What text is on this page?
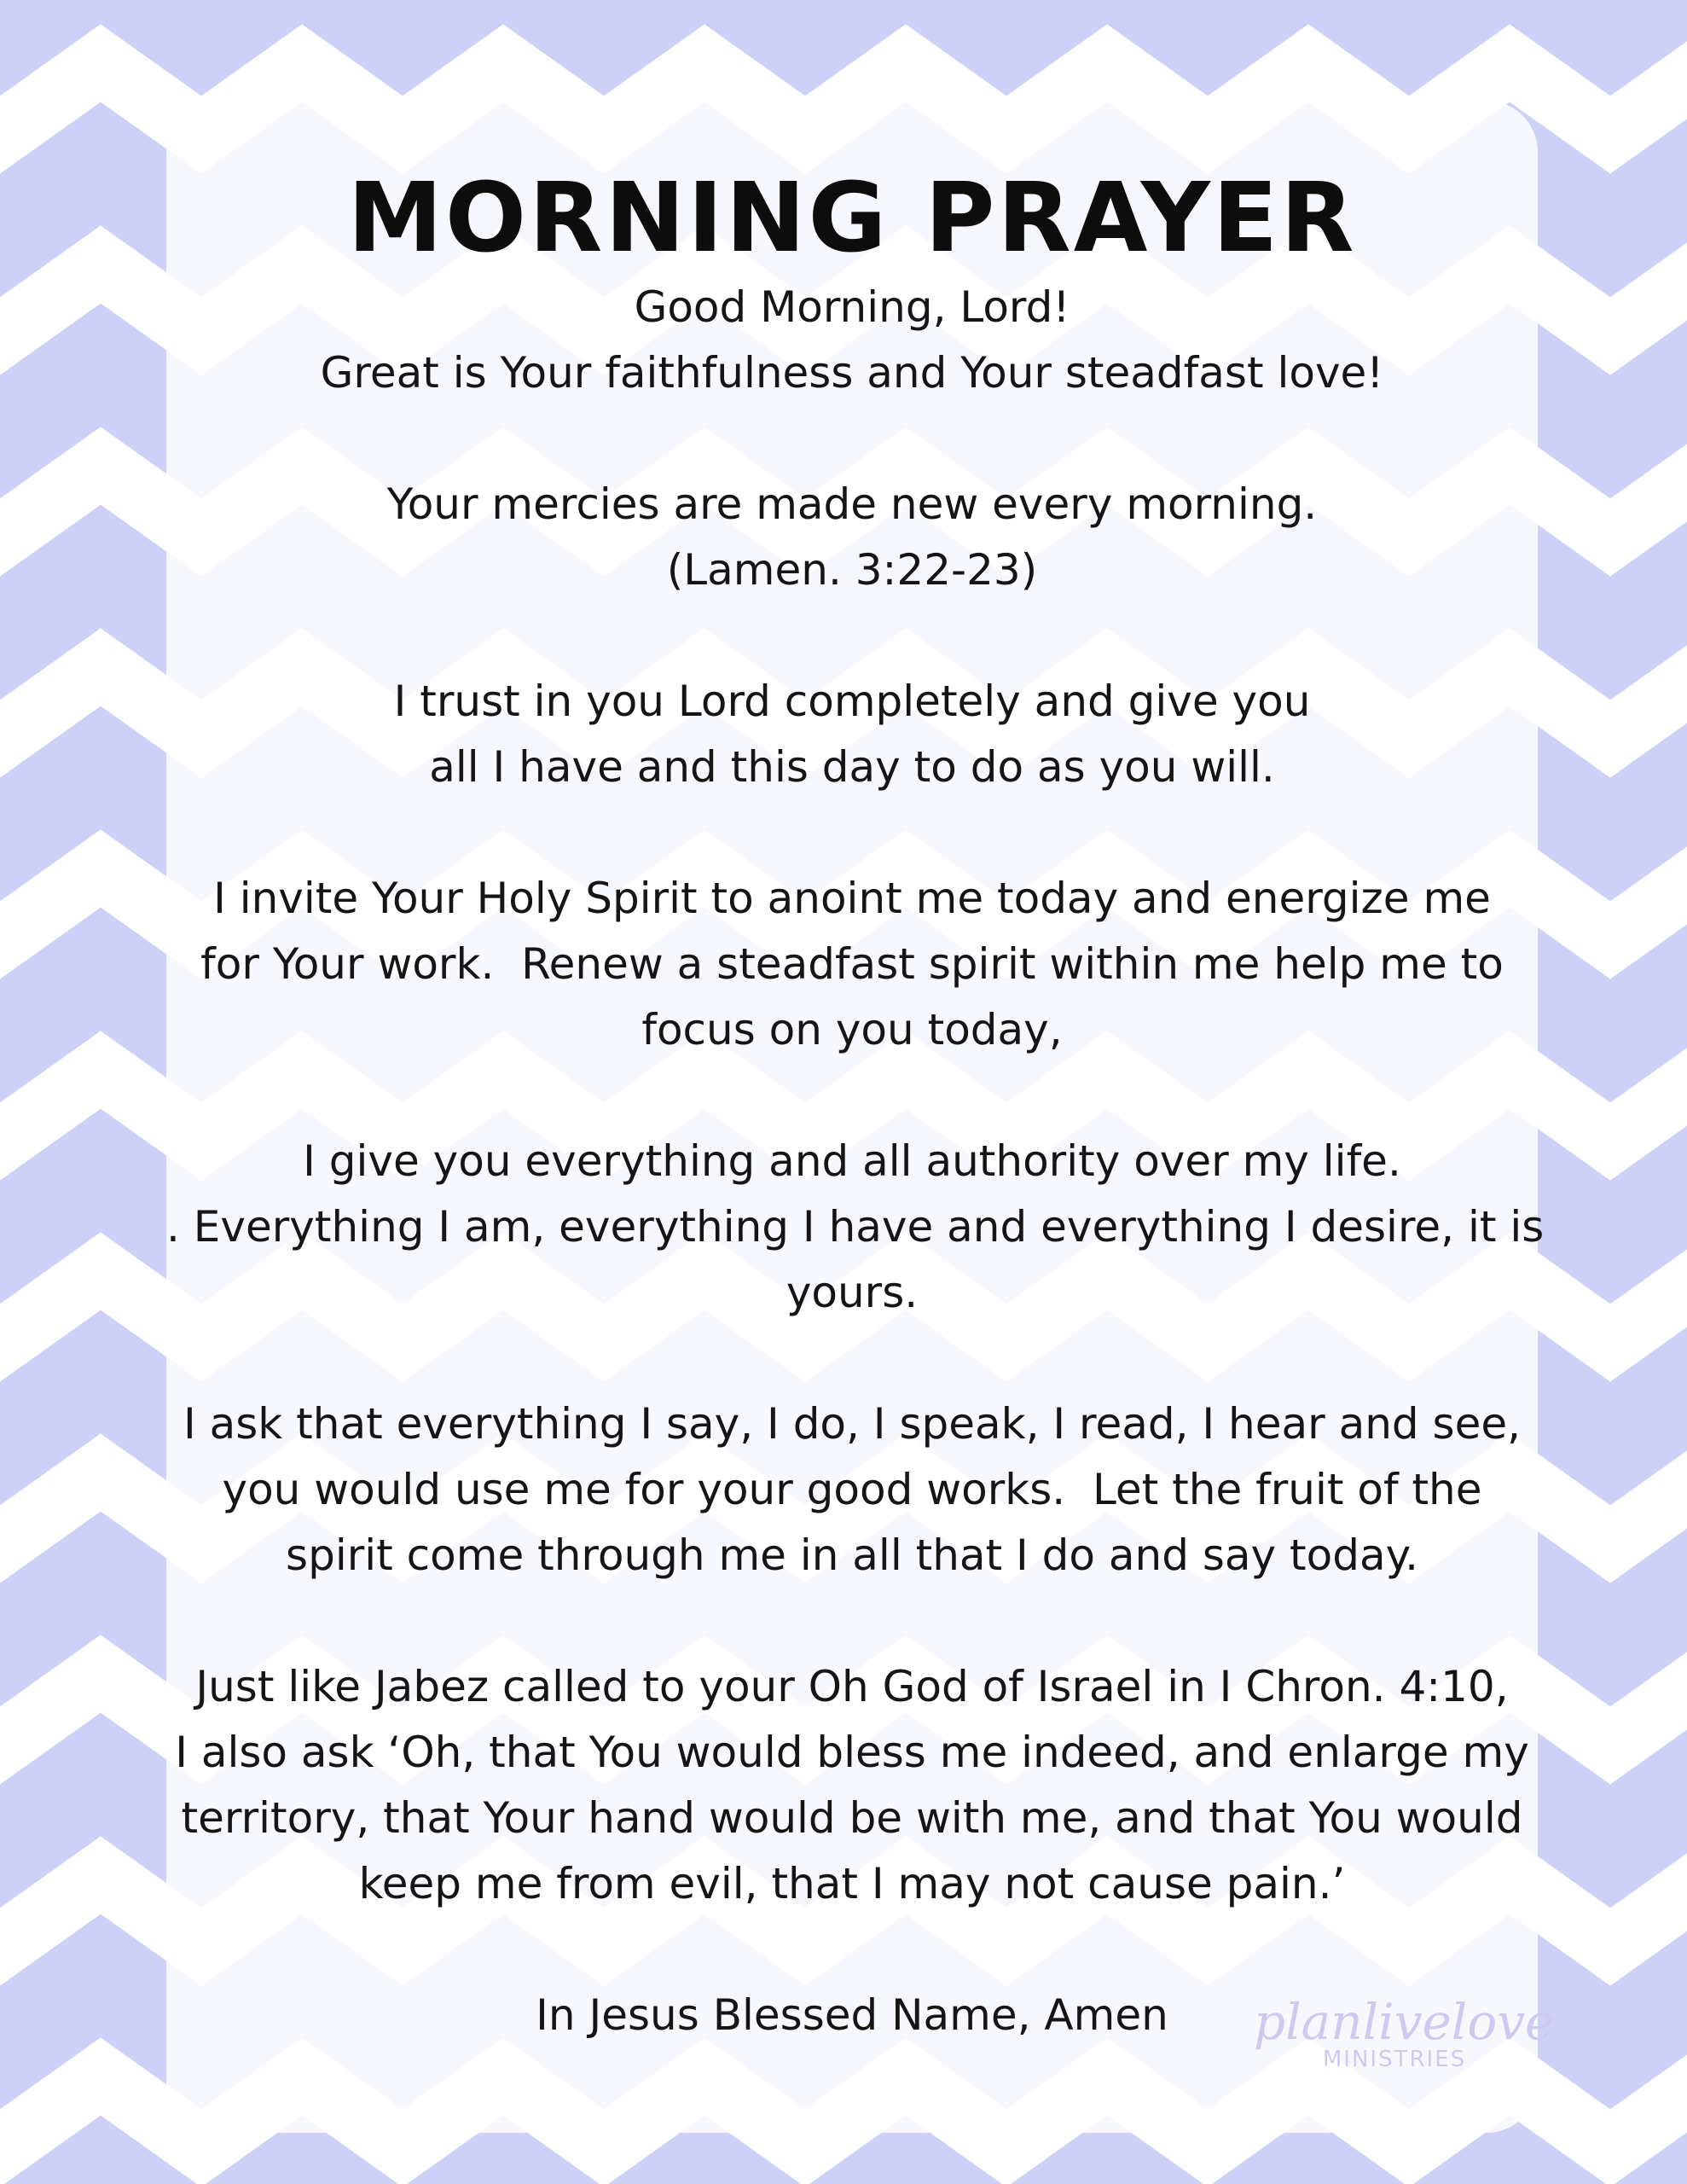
MORNING PRAYER
Good Morning, Lord!
Great is Your faithfulness and Your steadfast love!
Your mercies are made new every morning.
(Lamen. 3:22-23)
I trust in you Lord completely and give you
all I have and this day to do as you will.
I invite Your Holy Spirit to anoint me today and energize me
for Your work.  Renew a steadfast spirit within me help me to
focus on you today,
I give you everything and all authority over my life.
. Everything I am, everything I have and everything I desire, it is
yours.
I ask that everything I say, I do, I speak, I read, I hear and see,
you would use me for your good works.  Let the fruit of the
spirit come through me in all that I do and say today.
Just like Jabez called to your Oh God of Israel in I Chron. 4:10,
I also ask ‘Oh, that You would bless me indeed, and enlarge my
territory, that Your hand would be with me, and that You would
keep me from evil, that I may not cause pain.’
In Jesus Blessed Name, Amen	planlivelove
MINISTRIES
